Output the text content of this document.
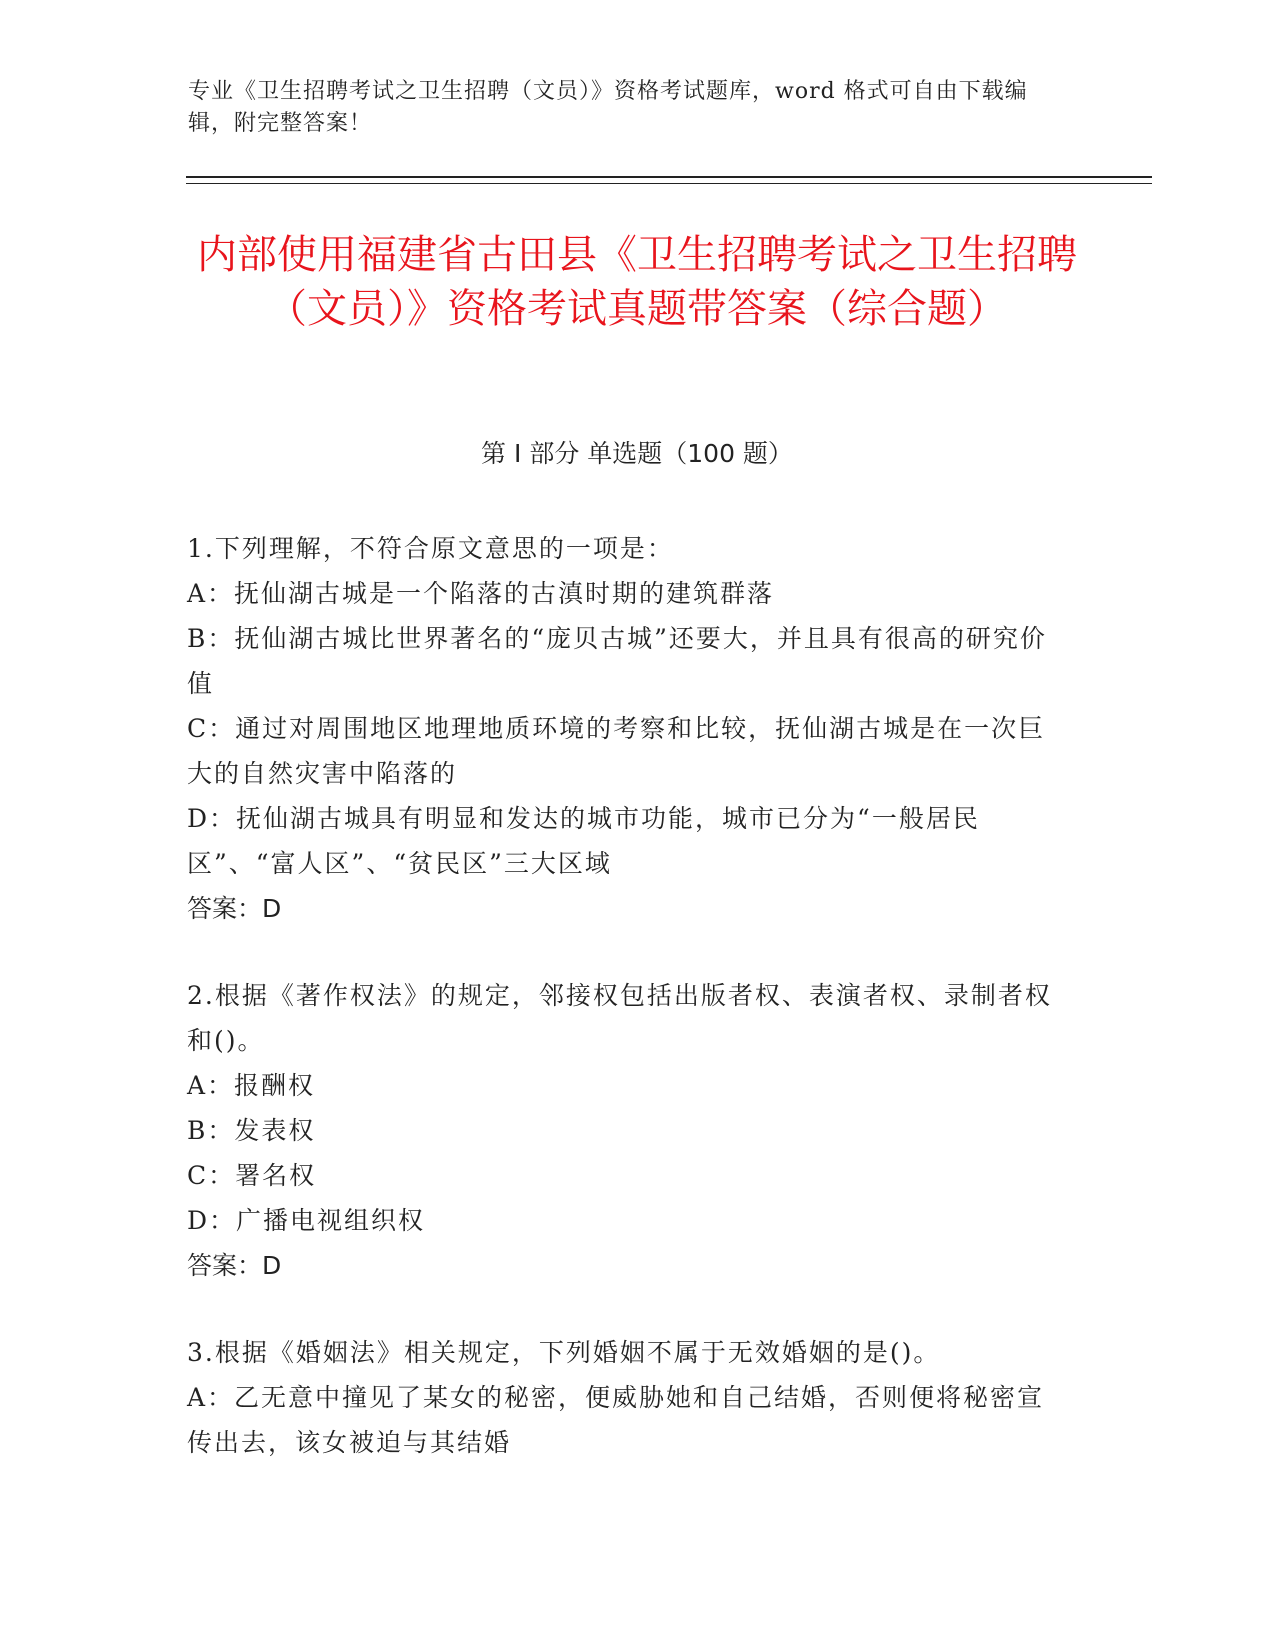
专业《卫生招聘考试之卫生招聘（文员）》资格考试题库，word 格式可自由下载编辑，附完整答案！
内部使用福建省古田县《卫生招聘考试之卫生招聘（文员）》资格考试真题带答案（综合题）
第 I 部分 单选题（100 题）
1.下列理解，不符合原文意思的一项是：
A：抚仙湖古城是一个陷落的古滇时期的建筑群落
B：抚仙湖古城比世界著名的“庞贝古城”还要大，并且具有很高的研究价值
C：通过对周围地区地理地质环境的考察和比较，抚仙湖古城是在一次巨大的自然灾害中陷落的
D：抚仙湖古城具有明显和发达的城市功能，城市已分为“一般居民区”、“富人区”、“贫民区”三大区域
答案：D
2.根据《著作权法》的规定，邻接权包括出版者权、表演者权、录制者权和()。
A：报酬权
B：发表权
C：署名权
D：广播电视组织权
答案：D
3.根据《婚姻法》相关规定，下列婚姻不属于无效婚姻的是()。
A：乙无意中撞见了某女的秘密，便威胁她和自己结婚，否则便将秘密宣传出去，该女被迫与其结婚
